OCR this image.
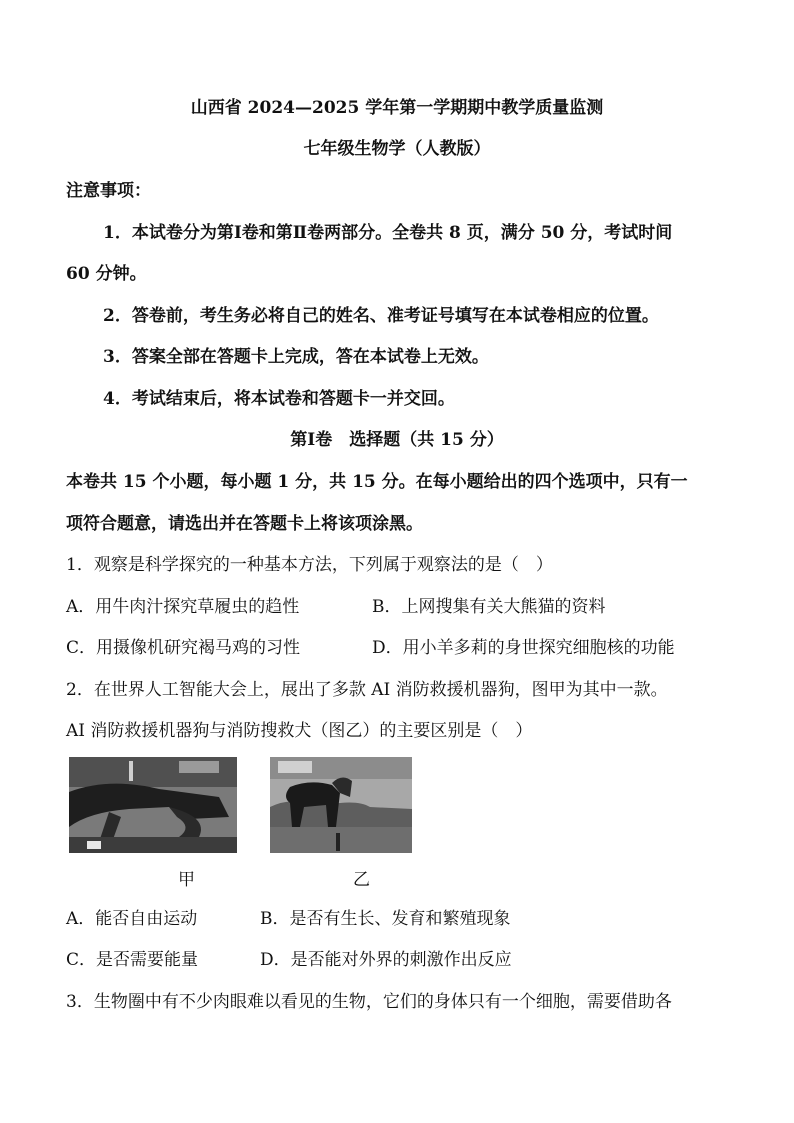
山西省 2024—2025 学年第一学期期中教学质量监测
七年级生物学（人教版）
注意事项：
1．本试卷分为第Ⅰ卷和第Ⅱ卷两部分。全卷共 8 页，满分 50 分，考试时间
60 分钟。
2．答卷前，考生务必将自己的姓名、准考证号填写在本试卷相应的位置。
3．答案全部在答题卡上完成，答在本试卷上无效。
4．考试结束后，将本试卷和答题卡一并交回。
第Ⅰ卷　选择题（共 15 分）
本卷共 15 个小题，每小题 1 分，共 15 分。在每小题给出的四个选项中，只有一
项符合题意，请选出并在答题卡上将该项涂黑。
1．观察是科学探究的一种基本方法，下列属于观察法的是（　）
A．用牛肉汁探究草履虫的趋性	B．上网搜集有关大熊猫的资料
C．用摄像机研究褐马鸡的习性	D．用小羊多莉的身世探究细胞核的功能
2．在世界人工智能大会上，展出了多款 AI 消防救援机器狗，图甲为其中一款。
AI 消防救援机器狗与消防搜救犬（图乙）的主要区别是（　）
甲	乙
A．能否自由运动	B．是否有生长、发育和繁殖现象
C．是否需要能量	D．是否能对外界的刺激作出反应
3．生物圈中有不少肉眼难以看见的生物，它们的身体只有一个细胞，需要借助各
